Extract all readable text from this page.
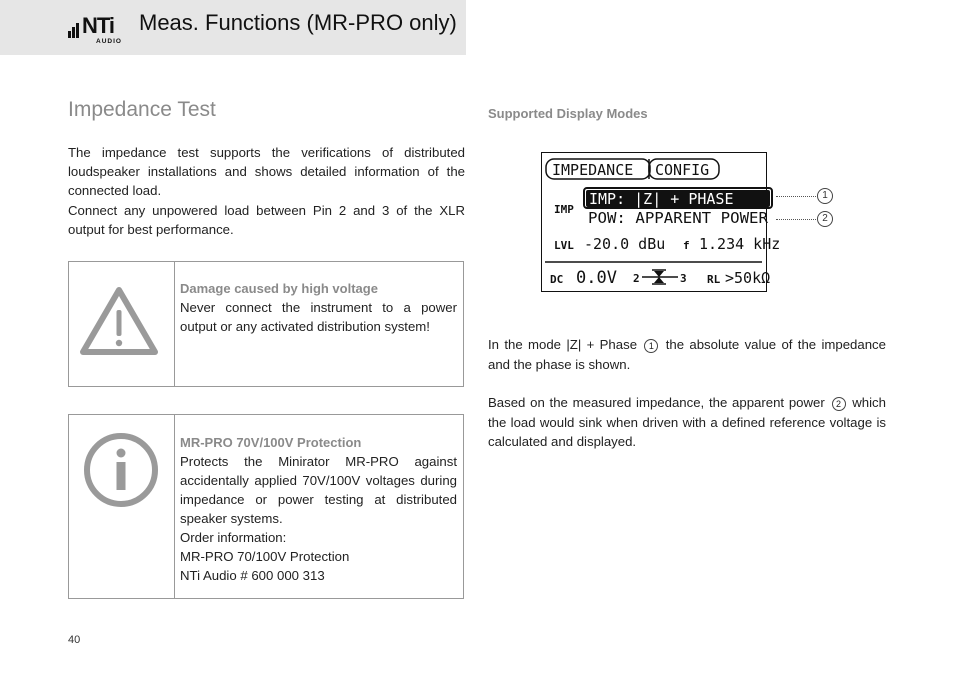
NTi
AUDIO
Meas. Functions (MR-PRO only)
Impedance Test
The impedance test supports the verifications of distributed loudspeaker installations and shows detailed information of the connected load.
Connect any unpowered load between Pin 2 and 3 of the XLR output for best performance.
Damage caused by high voltage
Never connect the instrument to a power output or any activated distribution system!
MR-PRO 70V/100V Protection
Protects the Minirator MR-PRO against accidentally applied 70V/100V voltages during impedance or power testing at distributed speaker systems.
Order information:
MR-PRO 70/100V Protection
NTi Audio # 600 000 313
Supported Display Modes
IMPEDANCE CONFIG
IMP
IMP: |Z| + PHASE
POW: APPARENT POWER
LVL -20.0 dBu f 1.234 kHz
DC 0.0V 2	3 RL >50kΩ
1
2
In the mode |Z| + Phase 1 the absolute value of the impedance and the phase is shown.
Based on the measured impedance, the apparent power 2 which the load would sink when driven with a defined reference voltage is calculated and displayed.
40
